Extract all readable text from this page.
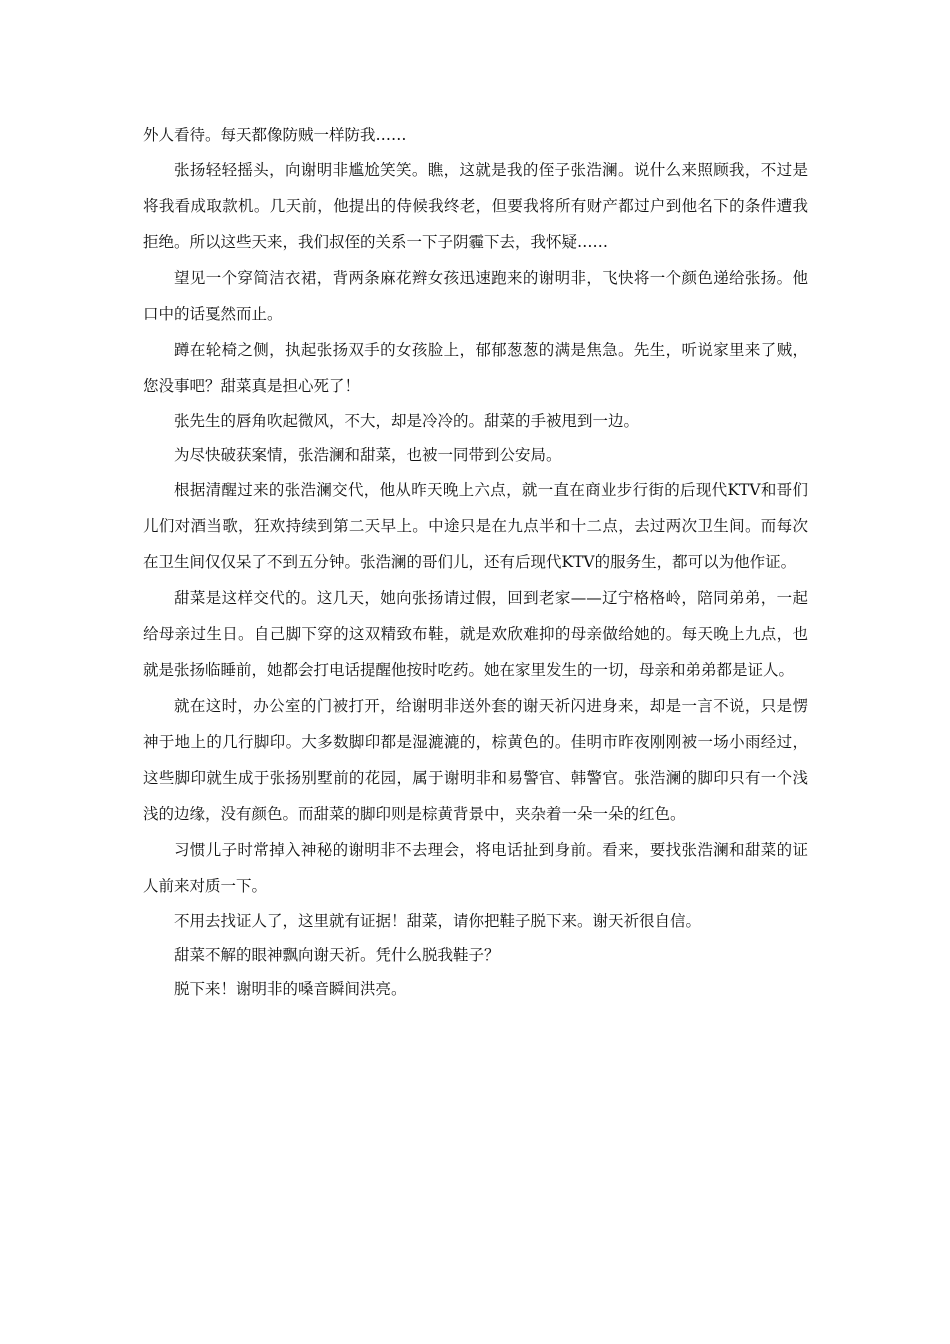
外人看待。每天都像防贼一样防我……

张扬轻轻摇头，向谢明非尴尬笑笑。瞧，这就是我的侄子张浩澜。说什么来照顾我，不过是将我看成取款机。几天前，他提出的侍候我终老，但要我将所有财产都过户到他名下的条件遭我拒绝。所以这些天来，我们叔侄的关系一下子阴霾下去，我怀疑……

望见一个穿简洁衣裙，背两条麻花辫女孩迅速跑来的谢明非，飞快将一个颜色递给张扬。他口中的话戛然而止。

蹲在轮椅之侧，执起张扬双手的女孩脸上，郁郁葱葱的满是焦急。先生，听说家里来了贼，您没事吧？甜菜真是担心死了！

张先生的唇角吹起微风，不大，却是冷冷的。甜菜的手被甩到一边。

为尽快破获案情，张浩澜和甜菜，也被一同带到公安局。

根据清醒过来的张浩澜交代，他从昨天晚上六点，就一直在商业步行街的后现代KTV和哥们儿们对酒当歌，狂欢持续到第二天早上。中途只是在九点半和十二点，去过两次卫生间。而每次在卫生间仅仅呆了不到五分钟。张浩澜的哥们儿，还有后现代KTV的服务生，都可以为他作证。

甜菜是这样交代的。这几天，她向张扬请过假，回到老家——辽宁格格岭，陪同弟弟，一起给母亲过生日。自己脚下穿的这双精致布鞋，就是欢欣难抑的母亲做给她的。每天晚上九点，也就是张扬临睡前，她都会打电话提醒他按时吃药。她在家里发生的一切，母亲和弟弟都是证人。

就在这时，办公室的门被打开，给谢明非送外套的谢天祈闪进身来，却是一言不说，只是愣神于地上的几行脚印。大多数脚印都是湿漉漉的，棕黄色的。佳明市昨夜刚刚被一场小雨经过，这些脚印就生成于张扬别墅前的花园，属于谢明非和易警官、韩警官。张浩澜的脚印只有一个浅浅的边缘，没有颜色。而甜菜的脚印则是棕黄背景中，夹杂着一朵一朵的红色。

习惯儿子时常掉入神秘的谢明非不去理会，将电话扯到身前。看来，要找张浩澜和甜菜的证人前来对质一下。

不用去找证人了，这里就有证据！甜菜，请你把鞋子脱下来。谢天祈很自信。

甜菜不解的眼神飘向谢天祈。凭什么脱我鞋子？

脱下来！谢明非的嗓音瞬间洪亮。
